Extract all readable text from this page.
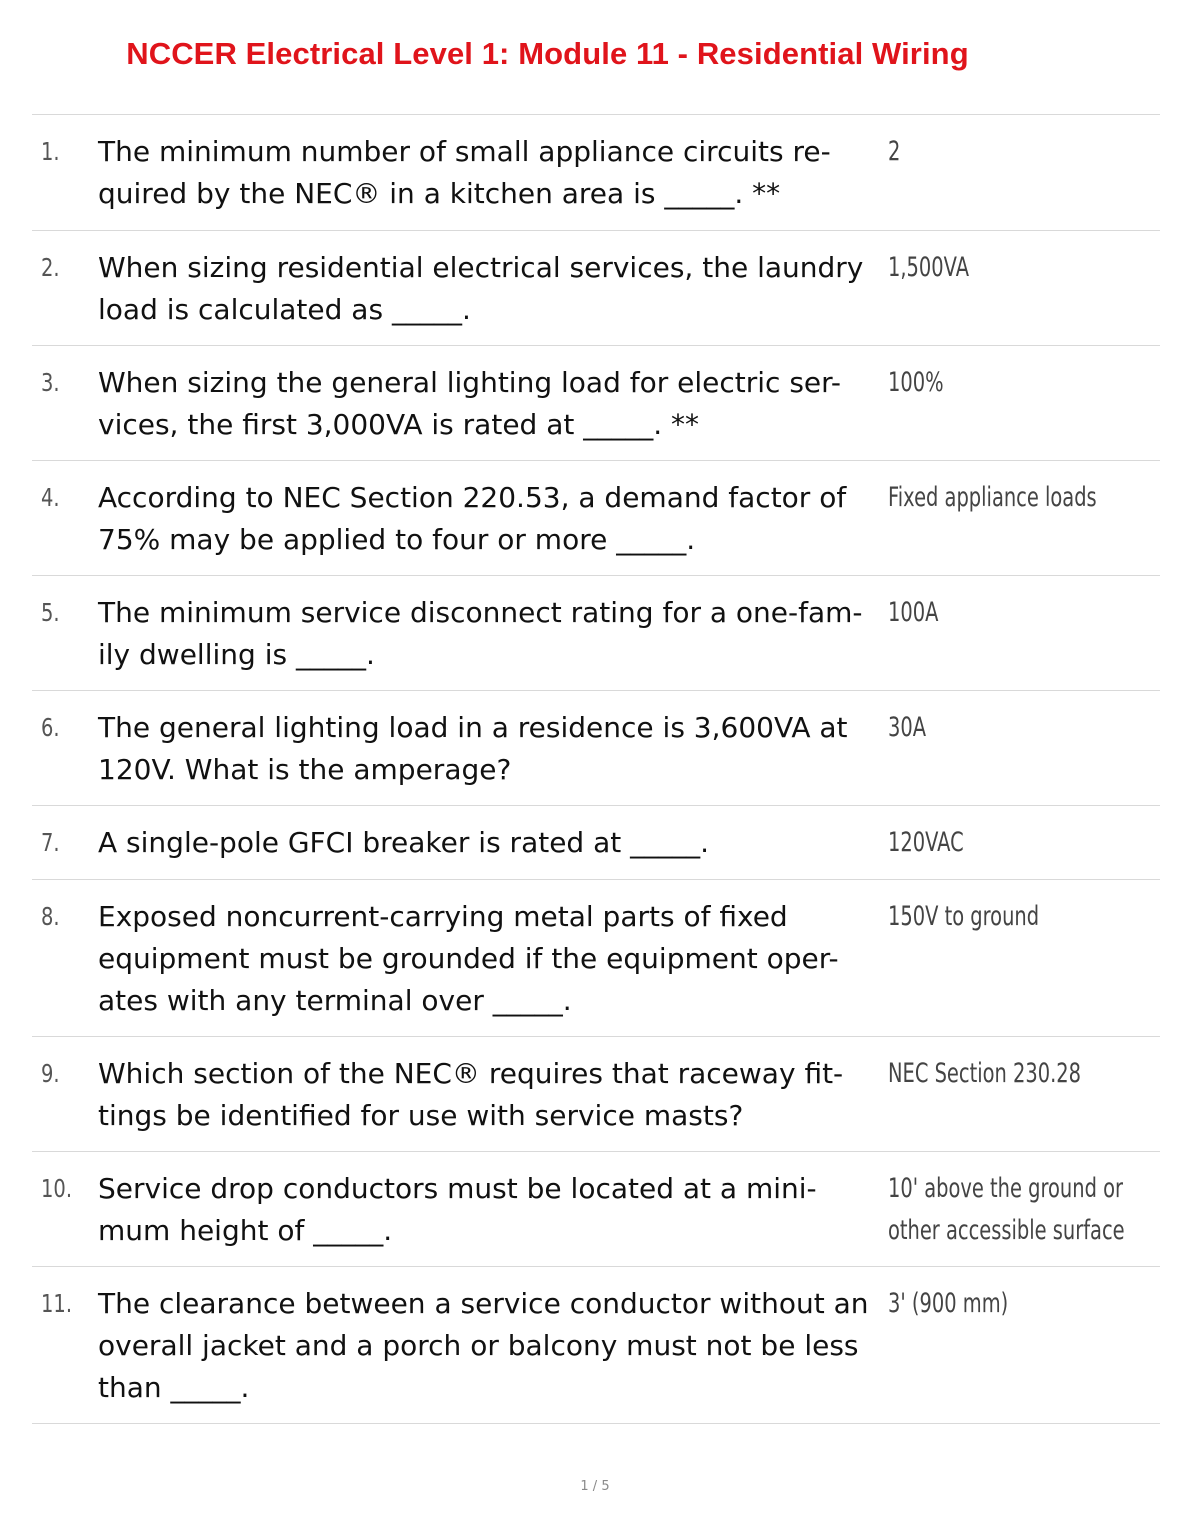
NCCER Electrical Level 1: Module 11 - Residential Wiring
1. The minimum number of small appliance circuits re-
quired by the NEC® in a kitchen area is _____. **
2
2. When sizing residential electrical services, the laundry
load is calculated as _____.
1,500VA
3. When sizing the general lighting load for electric ser-
vices, the first 3,000VA is rated at _____. **
100%
4. According to NEC Section 220.53, a demand factor of
75% may be applied to four or more _____.
Fixed appliance loads
5. The minimum service disconnect rating for a one-fam-
ily dwelling is _____.
100A
6. The general lighting load in a residence is 3,600VA at
120V. What is the amperage?
30A
7. A single-pole GFCI breaker is rated at _____.	120VAC
8. Exposed noncurrent-carrying metal parts of fixed
equipment must be grounded if the equipment oper-
ates with any terminal over _____.
150V to ground
9. Which section of the NEC® requires that raceway fit-
tings be identified for use with service masts?
NEC Section 230.28
10. Service drop conductors must be located at a mini-
mum height of _____.
10' above the ground or
other accessible surface
11. The clearance between a service conductor without an
overall jacket and a porch or balcony must not be less
than _____.
3' (900 mm)
1 / 5
